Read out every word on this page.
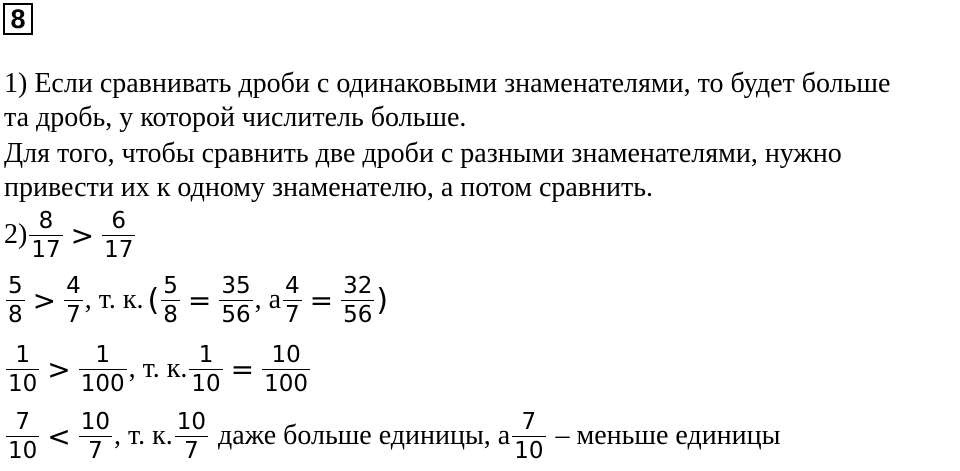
8
1) Если сравнивать дроби с одинаковыми знаменателями, то будет больше
та дробь, у которой числитель больше.
Для того, чтобы сравнить две дроби с разными знаменателями, нужно
привести их к одному знаменателю, а потом сравнить.
$2) \frac{8}{17} > \frac{6}{17}$
$\frac{5}{8} > \frac{4}{7}$ , т. к. ( $\frac{5}{8} = \frac{35}{56}$ , а $\frac{4}{7} = \frac{32}{56}$ )
$\frac{1}{10} > \frac{1}{100}$ , т. к. $\frac{1}{10} = \frac{10}{100}$
$\frac{7}{10} < \frac{10}{7}$ , т. к. $\frac{10}{7}$ даже больше единицы, а $\frac{7}{10}$ – меньше единицы
